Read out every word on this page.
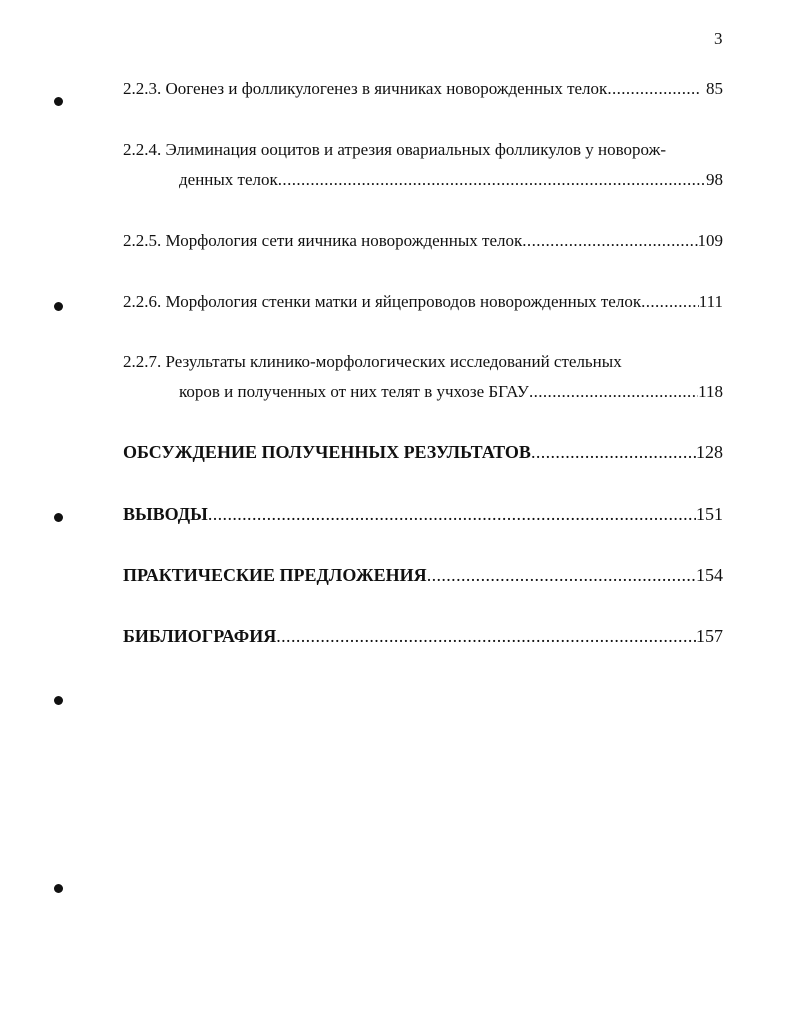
3
2.2.3. Оогенез и фолликулогенез в яичниках новорожденных телок .....	85
2.2.4. Элиминация ооцитов и атрезия овариальных фолликулов у новорож-
денных телок .....	98
2.2.5. Морфология сети яичника новорожденных телок .....	109
2.2.6. Морфология стенки матки и яйцепроводов новорожденных телок .....	111
2.2.7. Результаты клинико-морфологических исследований стельных
коров и полученных от них телят в учхозе БГАУ .....	118
ОБСУЖДЕНИЕ ПОЛУЧЕННЫХ РЕЗУЛЬТАТОВ .....	128
ВЫВОДЫ .....	151
ПРАКТИЧЕСКИЕ ПРЕДЛОЖЕНИЯ .....	154
БИБЛИОГРАФИЯ .....	157
